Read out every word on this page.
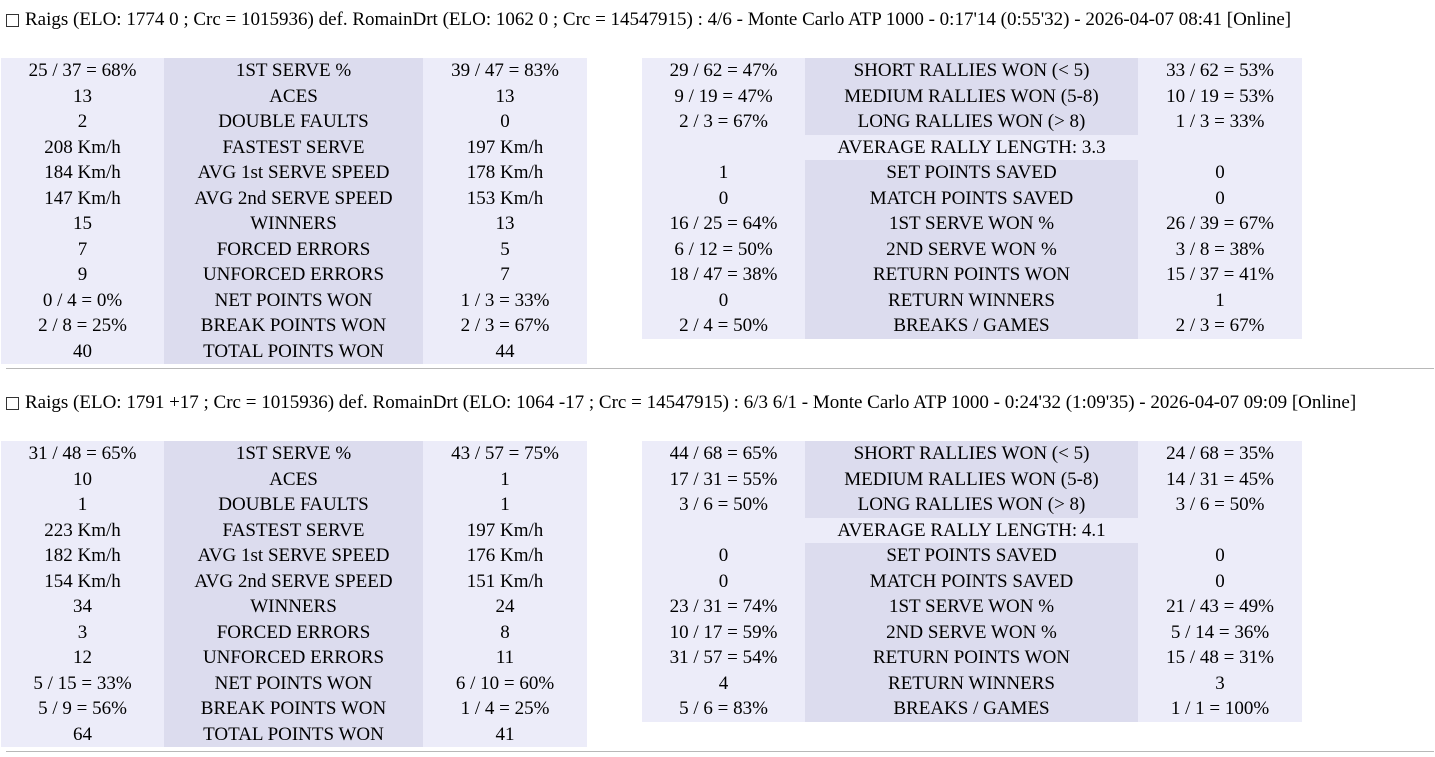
Raigs (ELO: 1774 0 ; Crc = 1015936) def. RomainDrt (ELO: 1062 0 ; Crc = 14547915) : 4/6 - Monte Carlo ATP 1000 - 0:17'14 (0:55'32) - 2026-04-07 08:41 [Online]
25 / 37 = 68%	1ST SERVE %	39 / 47 = 83%
13	ACES	13
2	DOUBLE FAULTS	0
208 Km/h	FASTEST SERVE	197 Km/h
184 Km/h	AVG 1st SERVE SPEED	178 Km/h
147 Km/h	AVG 2nd SERVE SPEED	153 Km/h
15	WINNERS	13
7	FORCED ERRORS	5
9	UNFORCED ERRORS	7
0 / 4 = 0%	NET POINTS WON	1 / 3 = 33%
2 / 8 = 25%	BREAK POINTS WON	2 / 3 = 67%
40	TOTAL POINTS WON	44
29 / 62 = 47%	SHORT RALLIES WON (< 5)	33 / 62 = 53%
9 / 19 = 47%	MEDIUM RALLIES WON (5-8)	10 / 19 = 53%
2 / 3 = 67%	LONG RALLIES WON (> 8)	1 / 3 = 33%
	AVERAGE RALLY LENGTH: 3.3	
1	SET POINTS SAVED	0
0	MATCH POINTS SAVED	0
16 / 25 = 64%	1ST SERVE WON %	26 / 39 = 67%
6 / 12 = 50%	2ND SERVE WON %	3 / 8 = 38%
18 / 47 = 38%	RETURN POINTS WON	15 / 37 = 41%
0	RETURN WINNERS	1
2 / 4 = 50%	BREAKS / GAMES	2 / 3 = 67%
Raigs (ELO: 1791 +17 ; Crc = 1015936) def. RomainDrt (ELO: 1064 -17 ; Crc = 14547915) : 6/3 6/1 - Monte Carlo ATP 1000 - 0:24'32 (1:09'35) - 2026-04-07 09:09 [Online]
31 / 48 = 65%	1ST SERVE %	43 / 57 = 75%
10	ACES	1
1	DOUBLE FAULTS	1
223 Km/h	FASTEST SERVE	197 Km/h
182 Km/h	AVG 1st SERVE SPEED	176 Km/h
154 Km/h	AVG 2nd SERVE SPEED	151 Km/h
34	WINNERS	24
3	FORCED ERRORS	8
12	UNFORCED ERRORS	11
5 / 15 = 33%	NET POINTS WON	6 / 10 = 60%
5 / 9 = 56%	BREAK POINTS WON	1 / 4 = 25%
64	TOTAL POINTS WON	41
44 / 68 = 65%	SHORT RALLIES WON (< 5)	24 / 68 = 35%
17 / 31 = 55%	MEDIUM RALLIES WON (5-8)	14 / 31 = 45%
3 / 6 = 50%	LONG RALLIES WON (> 8)	3 / 6 = 50%
	AVERAGE RALLY LENGTH: 4.1	
0	SET POINTS SAVED	0
0	MATCH POINTS SAVED	0
23 / 31 = 74%	1ST SERVE WON %	21 / 43 = 49%
10 / 17 = 59%	2ND SERVE WON %	5 / 14 = 36%
31 / 57 = 54%	RETURN POINTS WON	15 / 48 = 31%
4	RETURN WINNERS	3
5 / 6 = 83%	BREAKS / GAMES	1 / 1 = 100%
